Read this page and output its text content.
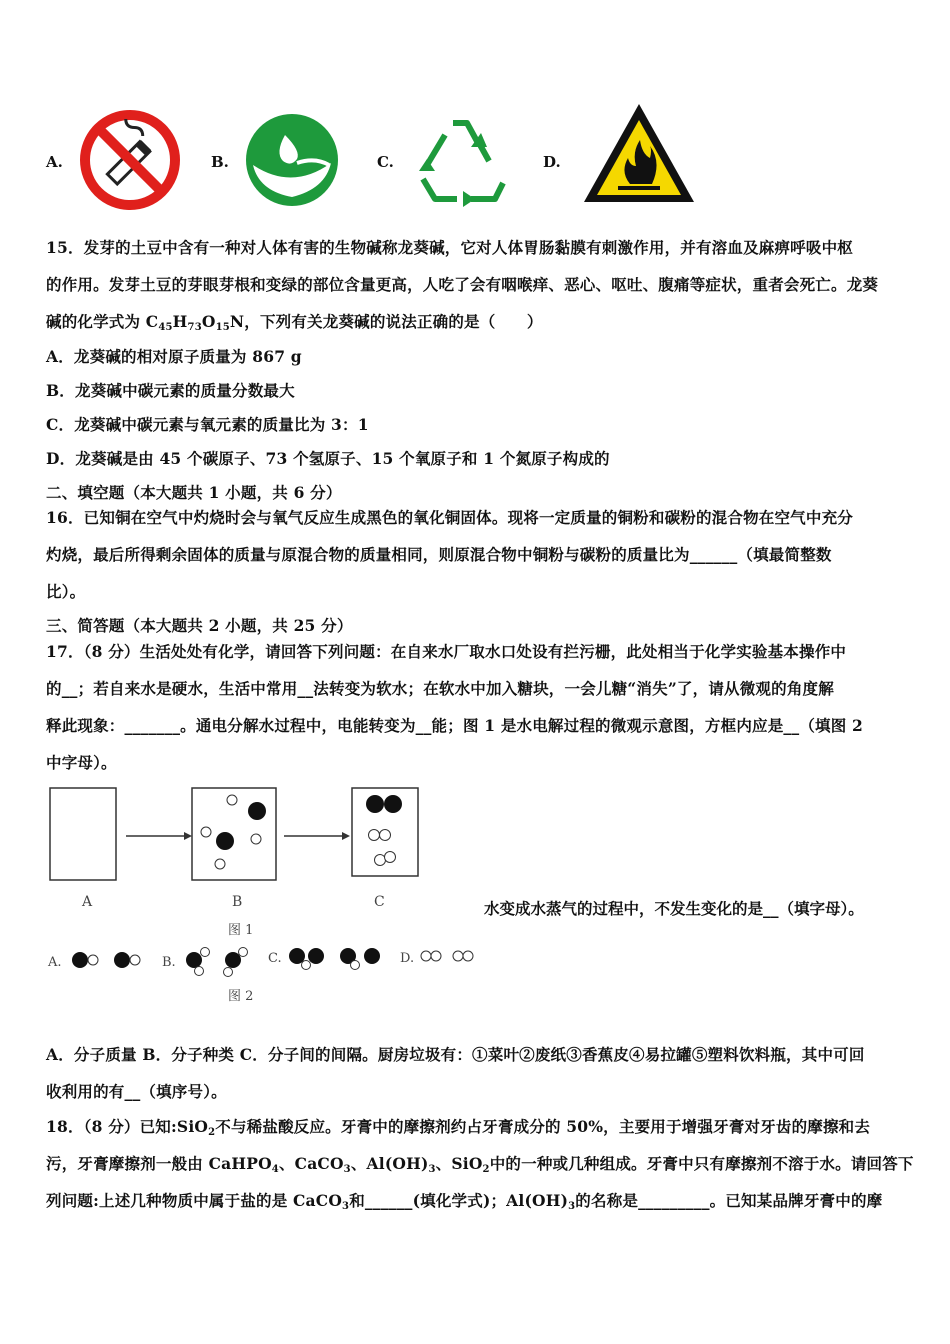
A.	B.	C.	D.
15．发芽的土豆中含有一种对人体有害的生物碱称龙葵碱，它对人体胃肠黏膜有刺激作用，并有溶血及麻痹呼吸中枢
的作用。发芽土豆的芽眼芽根和变绿的部位含量更高，人吃了会有咽喉痒、恶心、呕吐、腹痛等症状，重者会死亡。龙葵
碱的化学式为 $C_{45}H_{73}O_{15}N$，下列有关龙葵碱的说法正确的是（　　）
A．龙葵碱的相对原子质量为 867 g
B．龙葵碱中碳元素的质量分数最大
C．龙葵碱中碳元素与氧元素的质量比为 3：1
D．龙葵碱是由 45 个碳原子、73 个氢原子、15 个氧原子和 1 个氮原子构成的
二、填空题（本大题共 1 小题，共 6 分）
16．已知铜在空气中灼烧时会与氧气反应生成黑色的氧化铜固体。现将一定质量的铜粉和碳粉的混合物在空气中充分
灼烧，最后所得剩余固体的质量与原混合物的质量相同，则原混合物中铜粉与碳粉的质量比为______（填最简整数
比）。
三、简答题（本大题共 2 小题，共 25 分）
17．（8 分）生活处处有化学，请回答下列问题：在自来水厂取水口处设有拦污栅，此处相当于化学实验基本操作中
的__；若自来水是硬水，生活中常用__法转变为软水；在软水中加入糖块，一会儿糖“消失”了，请从微观的角度解
释此现象：_______。通电分解水过程中，电能转变为__能；图 1 是水电解过程的微观示意图，方框内应是__（填图 2
中字母）。
A	B	C
图 1
A.	B.	C.	D.
图 2
水变成水蒸气的过程中，不发生变化的是__（填字母）。
A．分子质量 B．分子种类 C．分子间的间隔。厨房垃圾有：①菜叶②废纸③香蕉皮④易拉罐⑤塑料饮料瓶，其中可回
收利用的有__（填序号）。
18．（8 分）已知:SiO$_2$不与稀盐酸反应。牙膏中的摩擦剂约占牙膏成分的 50%，主要用于增强牙膏对牙齿的摩擦和去
污，牙膏摩擦剂一般由 CaHPO$_4$、CaCO$_3$、$Al(OH)_3$、SiO$_2$中的一种或几种组成。牙膏中只有摩擦剂不溶于水。请回答下
列问题:上述几种物质中属于盐的是 CaCO$_3$和______(填化学式)；$Al(OH)_3$的名称是_________。已知某品牌牙膏中的摩
